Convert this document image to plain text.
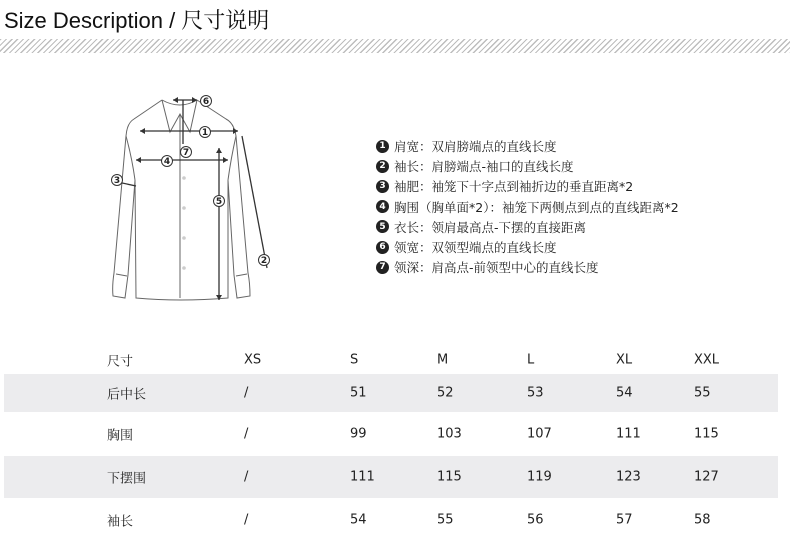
Size Description / 尺寸说明
6
1
7
4
3
5
2
1 肩宽： 双肩膀端点的直线长度
2 袖长： 肩膀端点-袖口的直线长度
3 袖肥： 袖笼下十字点到袖折边的垂直距离*2
4 胸围（胸单面*2）： 袖笼下两侧点到点的直线距离*2
5 衣长： 领肩最高点-下摆的直接距离
6 领宽： 双领型端点的直线长度
7 领深： 肩高点-前领型中心的直线长度
尺寸	XS	S	M	L	XL	XXL
后中长	/	51	52	53	54	55
胸围	/	99	103	107	111	115
下摆围	/	111	115	119	123	127
袖长	/	54	55	56	57	58
